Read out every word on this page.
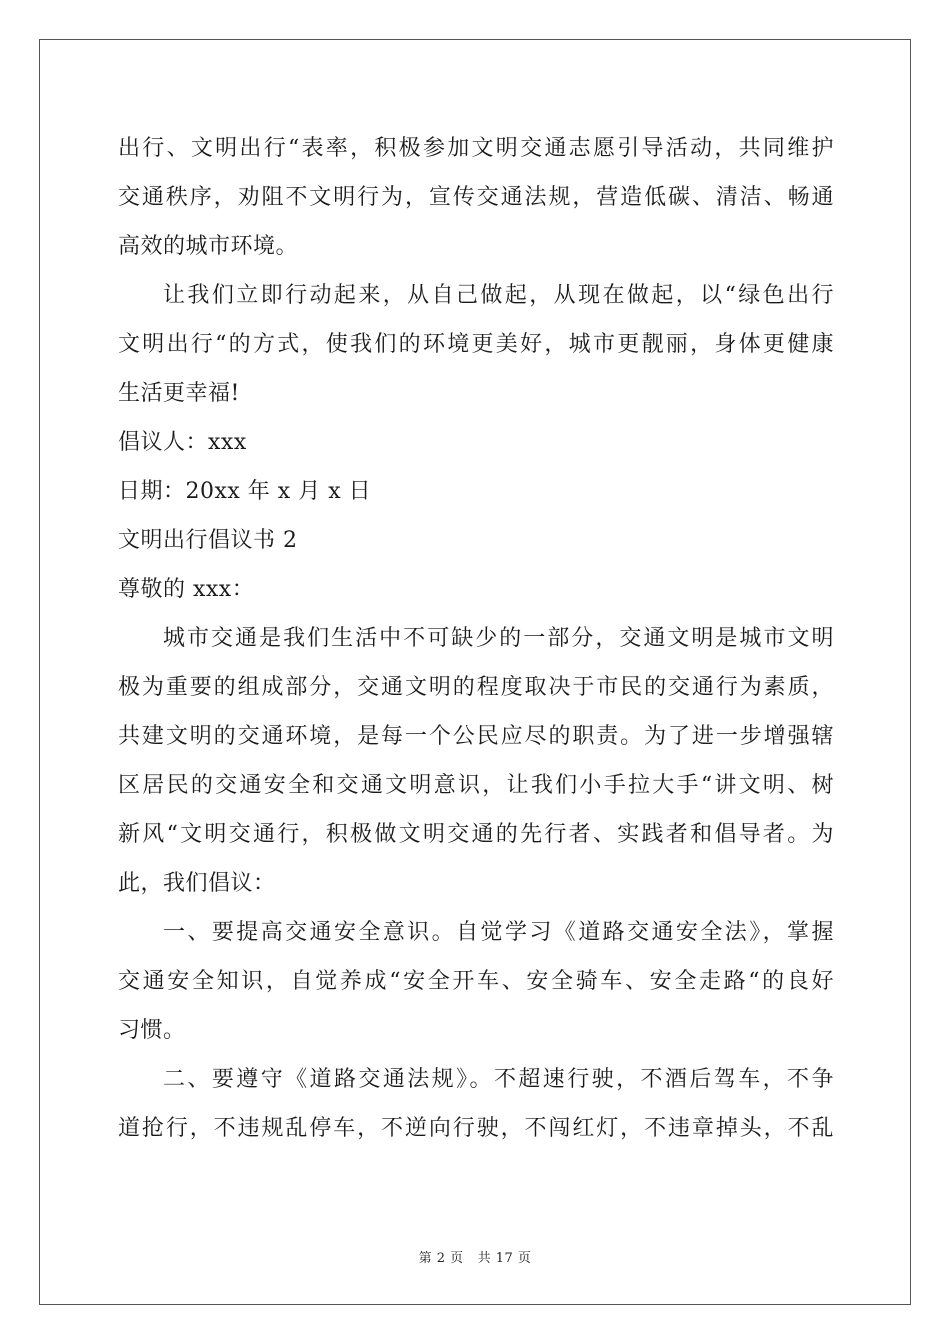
出行、文明出行“表率，积极参加文明交通志愿引导活动，共同维护
交通秩序，劝阻不文明行为，宣传交通法规，营造低碳、清洁、畅通
高效的城市环境。
让我们立即行动起来，从自己做起，从现在做起，以“绿色出行
文明出行“的方式，使我们的环境更美好，城市更靓丽，身体更健康
生活更幸福!
倡议人：xxx
日期：20xx 年 x 月 x 日
文明出行倡议书 2
尊敬的 xxx：
城市交通是我们生活中不可缺少的一部分，交通文明是城市文明
极为重要的组成部分，交通文明的程度取决于市民的交通行为素质，
共建文明的交通环境，是每一个公民应尽的职责。为了进一步增强辖
区居民的交通安全和交通文明意识，让我们小手拉大手“讲文明、树
新风“文明交通行，积极做文明交通的先行者、实践者和倡导者。为
此，我们倡议：
一、要提高交通安全意识。自觉学习《道路交通安全法》，掌握
交通安全知识，自觉养成“安全开车、安全骑车、安全走路“的良好
习惯。
二、要遵守《道路交通法规》。不超速行驶，不酒后驾车，不争
道抢行，不违规乱停车，不逆向行驶，不闯红灯，不违章掉头，不乱
第 2 页 共 17 页
